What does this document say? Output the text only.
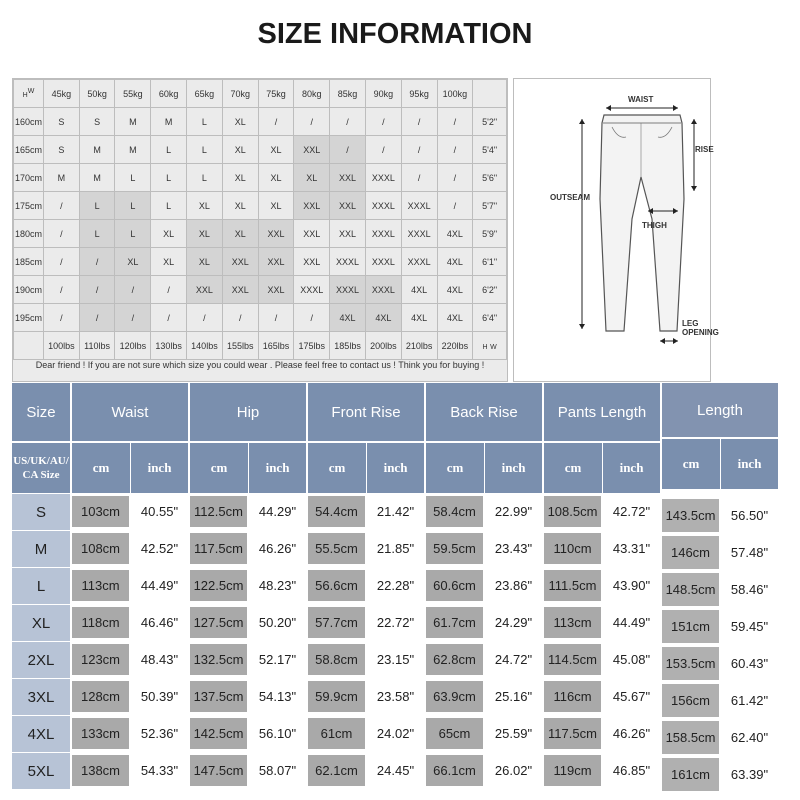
SIZE INFORMATION
$H^W$	45kg	50kg	55kg	60kg	65kg	70kg	75kg	80kg	85kg	90kg	95kg	100kg	
160cm	S	S	M	M	L	XL	/	/	/	/	/	/	5'2"
165cm	S	M	M	L	L	XL	XL	XXL	/	/	/	/	5'4"
170cm	M	M	L	L	L	XL	XL	XL	XXL	XXXL	/	/	5'6"
175cm	/	L	L	L	XL	XL	XL	XXL	XXL	XXXL	XXXL	/	5'7"
180cm	/	L	L	XL	XL	XL	XXL	XXL	XXL	XXXL	XXXL	4XL	5'9"
185cm	/	/	XL	XL	XL	XXL	XXL	XXL	XXXL	XXXL	XXXL	4XL	6'1"
190cm	/	/	/	/	XXL	XXL	XXL	XXXL	XXXL	XXXL	4XL	4XL	6'2"
195cm	/	/	/	/	/	/	/	/	4XL	4XL	4XL	4XL	6'4"
	100lbs	110lbs	120lbs	130lbs	140lbs	155lbs	165lbs	175lbs	185lbs	200lbs	210lbs	220lbs	H W
Dear friend ! If you are not sure which size you could wear . Please feel free to contact us ! Think you for buying !
WAIST
RISE
OUTSEAM
THIGH
LEG OPENING
Size
US/UK/AU/ CA Size
Waist
cm	inch
Hip
cm	inch
Front Rise
cm	inch
Back Rise
cm	inch
Pants Length
cm	inch
Length
cm	inch
S	103cm	40.55"	112.5cm	44.29"	54.4cm	21.42"	58.4cm	22.99"	108.5cm	42.72"	143.5cm	56.50"
M	108cm	42.52"	117.5cm	46.26"	55.5cm	21.85"	59.5cm	23.43"	110cm	43.31"	146cm	57.48"
L	113cm	44.49"	122.5cm	48.23"	56.6cm	22.28"	60.6cm	23.86"	111.5cm	43.90"	148.5cm	58.46"
XL	118cm	46.46"	127.5cm	50.20"	57.7cm	22.72"	61.7cm	24.29"	113cm	44.49"	151cm	59.45"
2XL	123cm	48.43"	132.5cm	52.17"	58.8cm	23.15"	62.8cm	24.72"	114.5cm	45.08"	153.5cm	60.43"
3XL	128cm	50.39"	137.5cm	54.13"	59.9cm	23.58"	63.9cm	25.16"	116cm	45.67"	156cm	61.42"
4XL	133cm	52.36"	142.5cm	56.10"	61cm	24.02"	65cm	25.59"	117.5cm	46.26"	158.5cm	62.40"
5XL	138cm	54.33"	147.5cm	58.07"	62.1cm	24.45"	66.1cm	26.02"	119cm	46.85"	161cm	63.39"
